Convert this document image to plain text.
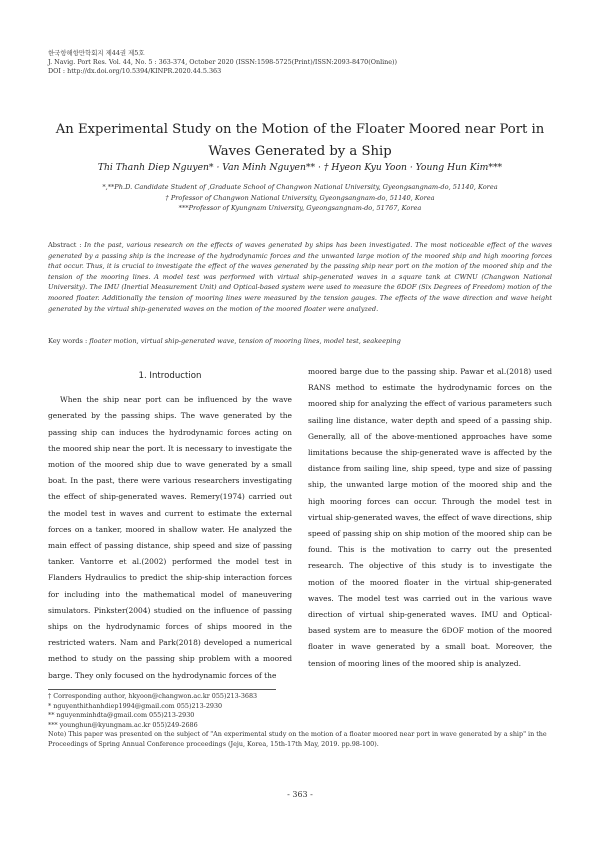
한국항해항만학회지 제44권 제5호
J. Navig. Port Res. Vol. 44, No. 5 : 363-374, October 2020 (ISSN:1598-5725(Print)/ISSN:2093-8470(Online))
DOI : http://dx.doi.org/10.5394/KINPR.2020.44.5.363
An Experimental Study on the Motion of the Floater Moored near Port in Waves Generated by a Ship
Thi Thanh Diep Nguyen* · Van Minh Nguyen** · † Hyeon Kyu Yoon · Young Hun Kim***
*,**Ph.D. Candidate Student of ,Graduate School of Changwon National University, Gyeongsangnam-do, 51140, Korea
† Professor of Changwon National University, Gyeongsangnam-do, 51140, Korea
***Professor of Kyungnam University, Gyeongsangnam-do, 51767, Korea
Abstract : In the past, various research on the effects of waves generated by ships has been investigated. The most noticeable effect of the waves generated by a passing ship is the increase of the hydrodynamic forces and the unwanted large motion of the moored ship and high mooring forces that occur. Thus, it is crucial to investigate the effect of the waves generated by the passing ship near port on the motion of the moored ship and the tension of the mooring lines. A model test was performed with virtual ship-generated waves in a square tank at CWNU (Changwon National University). The IMU (Inertial Measurement Unit) and Optical-based system were used to measure the 6DOF (Six Degrees of Freedom) motion of the moored floater. Additionally the tension of mooring lines were measured by the tension gauges. The effects of the wave direction and wave height generated by the virtual ship-generated waves on the motion of the moored floater were analyzed.
Key words : floater motion, virtual ship-generated wave, tension of mooring lines, model test, seakeeping
1. Introduction

When the ship near port can be influenced by the wave generated by the passing ships. The wave generated by the passing ship can induces the hydrodynamic forces acting on the moored ship near the port. It is necessary to investigate the motion of the moored ship due to wave generated by a small boat. In the past, there were various researchers investigating the effect of ship-generated waves. Remery(1974) carried out the model test in waves and current to estimate the external forces on a tanker, moored in shallow water. He analyzed the main effect of passing distance, ship speed and size of passing tanker. Vantorre et al.(2002) performed the model test in Flanders Hydraulics to predict the ship-ship interaction forces for including into the mathematical model of maneuvering simulators. Pinkster(2004) studied on the influence of passing ships on the hydrodynamic forces of ships moored in the restricted waters. Nam and Park(2018) developed a numerical method to study on the passing ship problem with a moored barge. They only focused on the hydrodynamic forces of the

moored barge due to the passing ship. Pawar et al.(2018) used RANS method to estimate the hydrodynamic forces on the moored ship for analyzing the effect of various parameters such sailing line distance, water depth and speed of a passing ship. Generally, all of the above-mentioned approaches have some limitations because the ship-generated wave is affected by the distance from sailing line, ship speed, type and size of passing ship, the unwanted large motion of the moored ship and the high mooring forces can occur. Through the model test in virtual ship-generated waves, the effect of wave directions, ship speed of passing ship on ship motion of the moored ship can be found. This is the motivation to carry out the presented research. The objective of this study is to investigate the motion of the moored floater in the virtual ship-generated waves. The model test was carried out in the various wave direction of virtual ship-generated waves. IMU and Optical-based system are to measure the 6DOF motion of the moored floater in wave generated by a small boat. Moreover, the tension of mooring lines of the moored ship is analyzed.

† Corresponding author, hkyoon@changwon.ac.kr 055)213-3683
* nguyenthithanhdiep1994@gmail.com 055)213-2930
** nguyenminhdta@gmail.com 055)213-2930
*** younghun@kyungnam.ac.kr 055)249-2686
Note) This paper was presented on the subject of "An experimental study on the motion of a floater moored near port in wave generated by a ship" in the Proceedings of Spring Annual Conference proceedings (Jeju, Korea, 15th-17th May, 2019. pp.98-100).
- 363 -
